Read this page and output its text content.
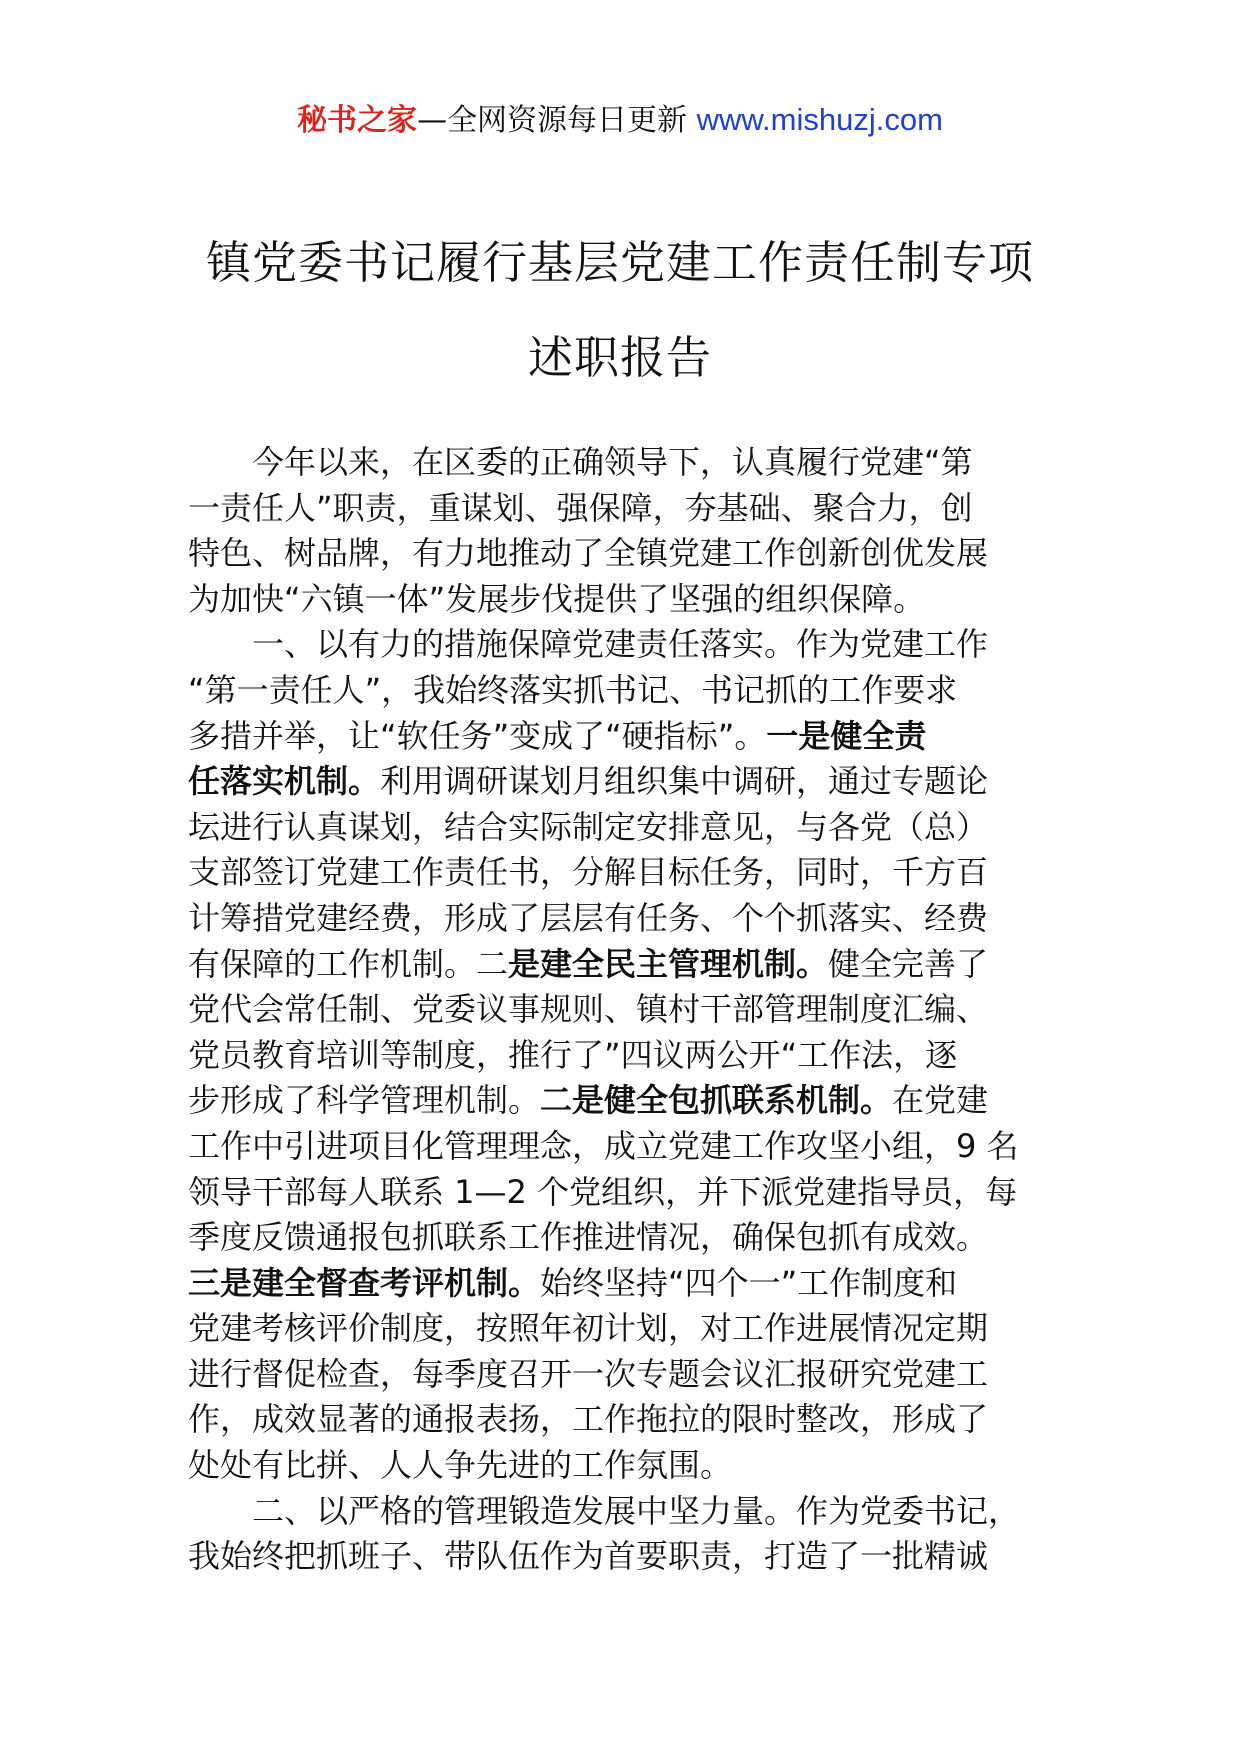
秘书之家—全网资源每日更新 www.mishuzj.com
镇党委书记履行基层党建工作责任制专项
述职报告
今年以来，在区委的正确领导下，认真履行党建“第
一责任人”职责，重谋划、强保障，夯基础、聚合力，创
特色、树品牌，有力地推动了全镇党建工作创新创优发展
为加快“六镇一体”发展步伐提供了坚强的组织保障。
一、以有力的措施保障党建责任落实。作为党建工作
“第一责任人”，我始终落实抓书记、书记抓的工作要求
多措并举，让“软任务”变成了“硬指标”。一是健全责
任落实机制。利用调研谋划月组织集中调研，通过专题论
坛进行认真谋划，结合实际制定安排意见，与各党（总）
支部签订党建工作责任书，分解目标任务，同时，千方百
计筹措党建经费，形成了层层有任务、个个抓落实、经费
有保障的工作机制。二是建全民主管理机制。健全完善了
党代会常任制、党委议事规则、镇村干部管理制度汇编、
党员教育培训等制度，推行了”四议两公开“工作法，逐
步形成了科学管理机制。二是健全包抓联系机制。在党建
工作中引进项目化管理理念，成立党建工作攻坚小组，9 名
领导干部每人联系 1—2 个党组织，并下派党建指导员，每
季度反馈通报包抓联系工作推进情况，确保包抓有成效。
三是建全督查考评机制。始终坚持“四个一”工作制度和
党建考核评价制度，按照年初计划，对工作进展情况定期
进行督促检查，每季度召开一次专题会议汇报研究党建工
作，成效显著的通报表扬，工作拖拉的限时整改，形成了
处处有比拼、人人争先进的工作氛围。
二、以严格的管理锻造发展中坚力量。作为党委书记，
我始终把抓班子、带队伍作为首要职责，打造了一批精诚
